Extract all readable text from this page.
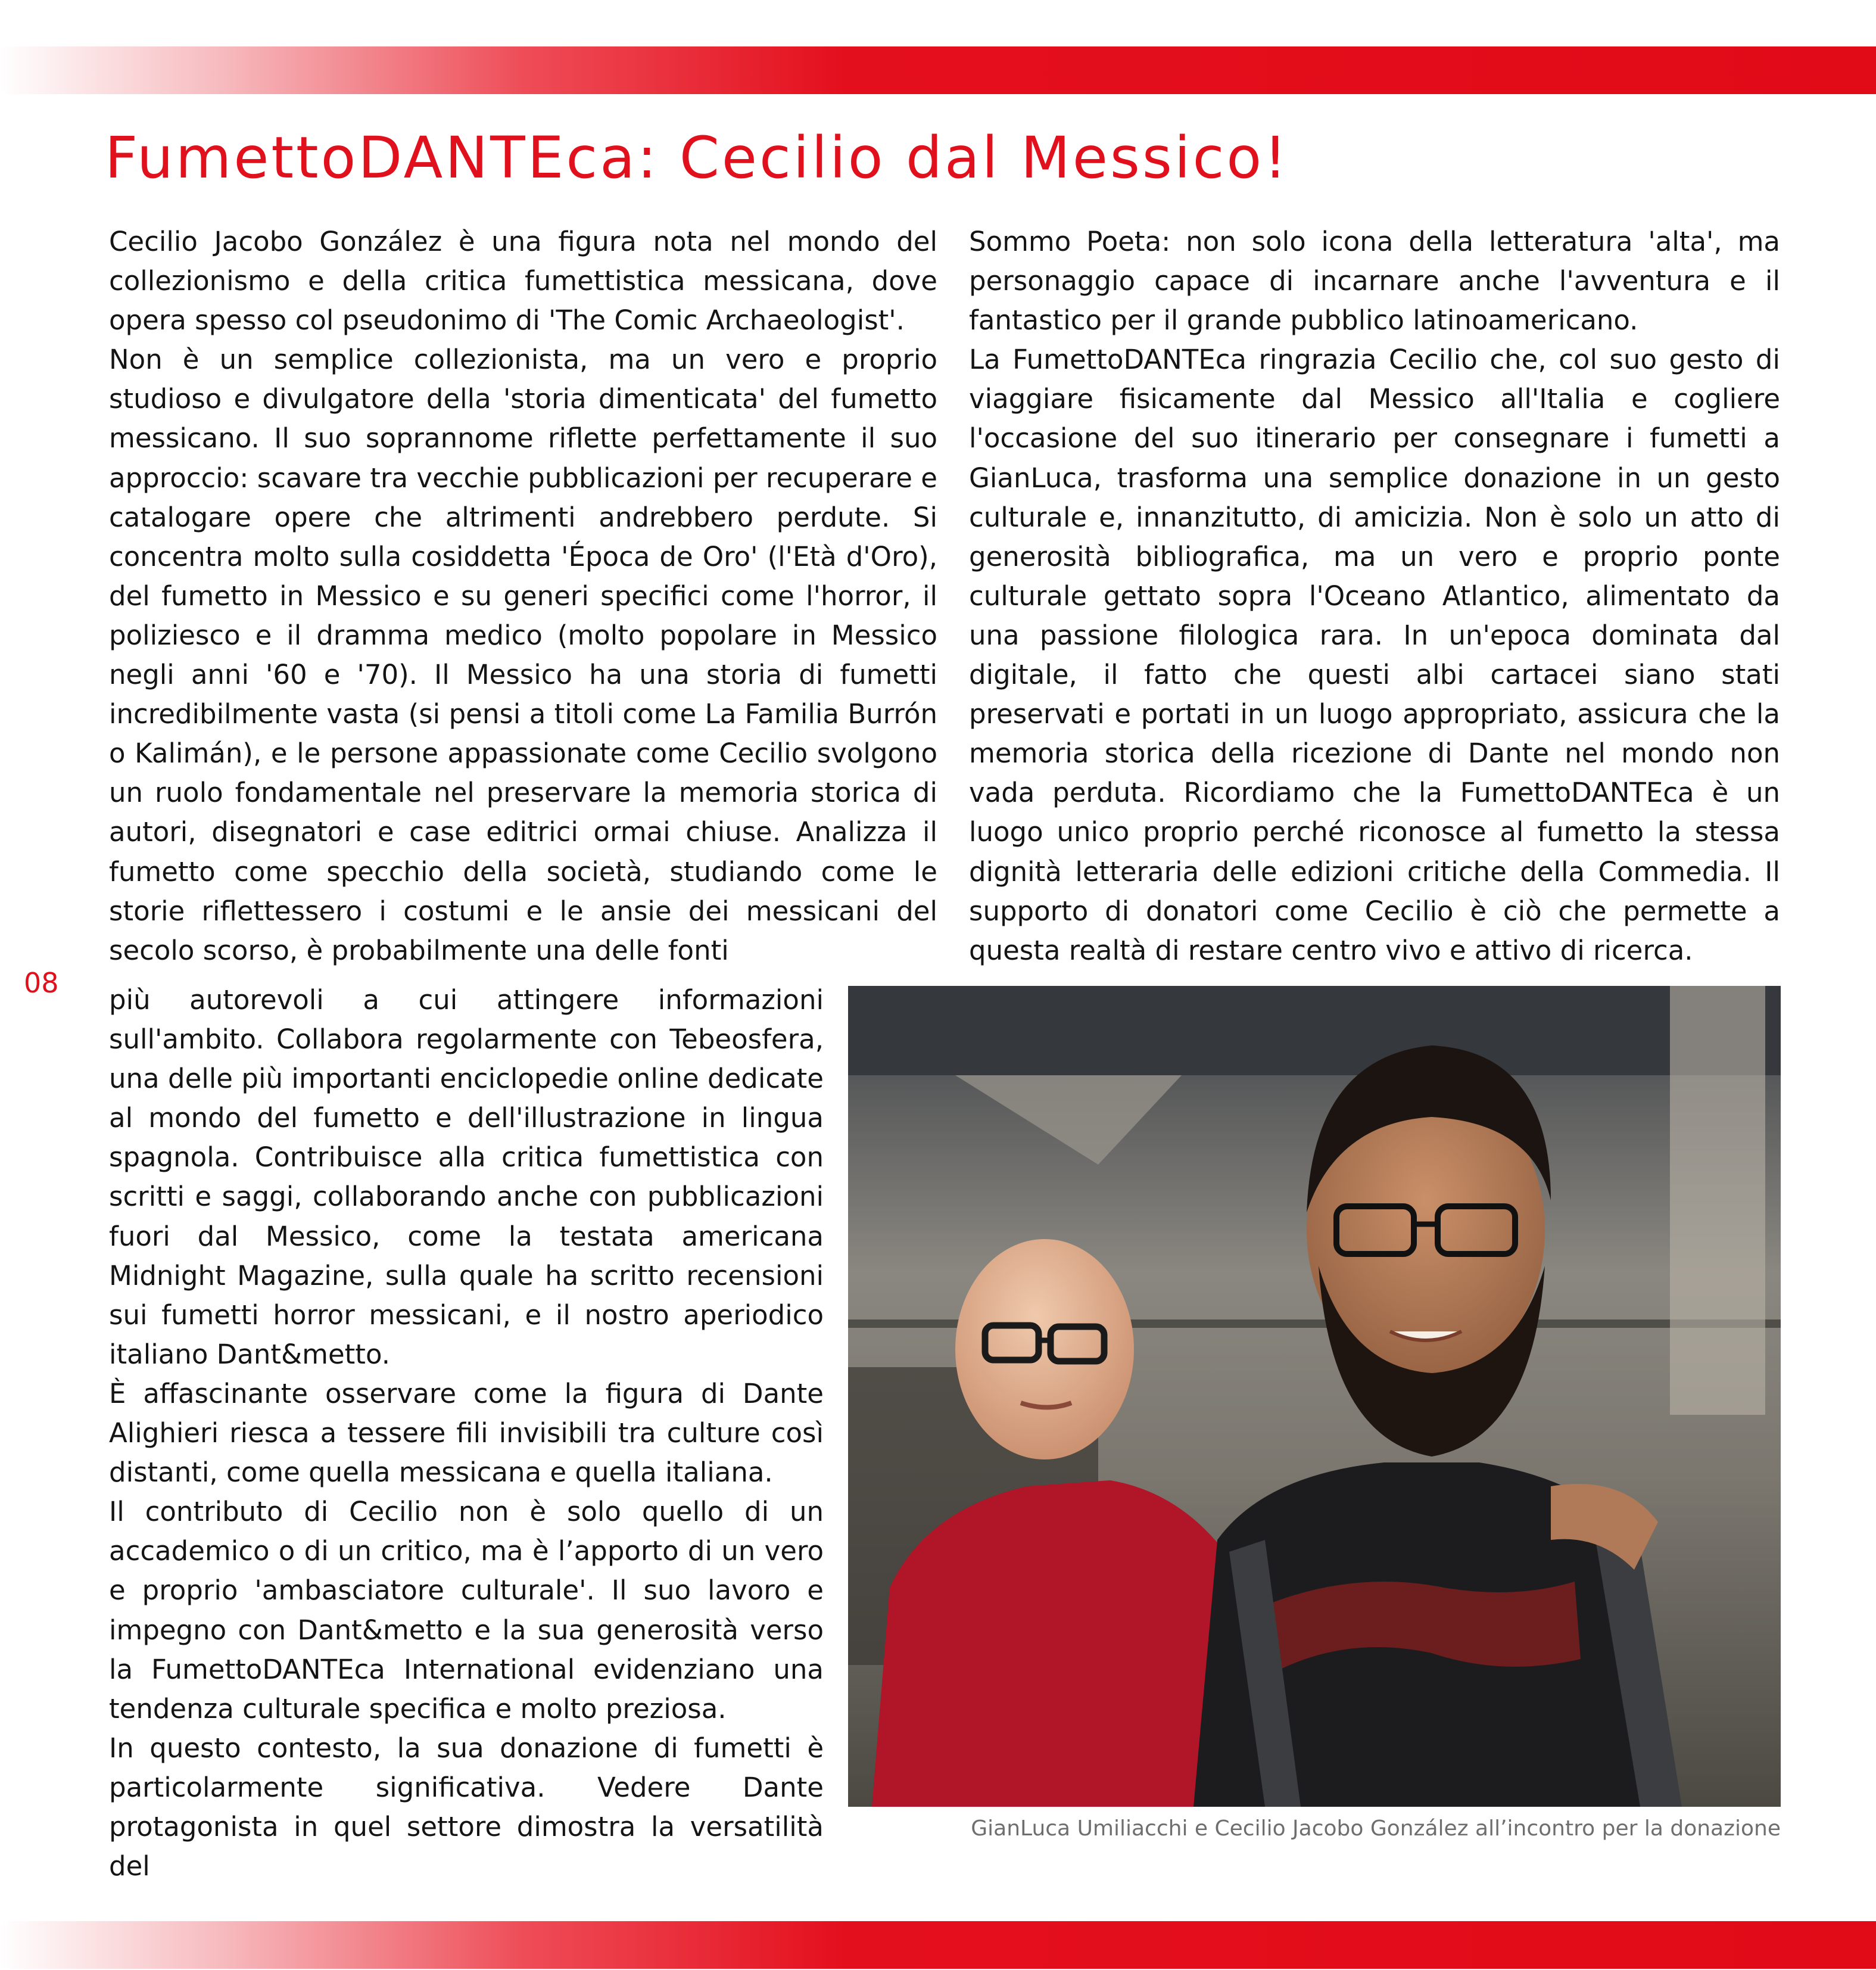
FumettoDANTEca: Cecilio dal Messico!
08

Cecilio Jacobo González è una figura nota nel mondo del collezionismo e della critica fumettistica messicana, dove opera spesso col pseudonimo di 'The Comic Archaeologist'.

Non è un semplice collezionista, ma un vero e proprio studioso e divulgatore della 'storia dimenticata' del fumetto messicano. Il suo soprannome riflette perfettamente il suo approccio: scavare tra vecchie pubblicazioni per recuperare e catalogare opere che altrimenti andrebbero perdute. Si concentra molto sulla cosiddetta 'Época de Oro' (l'Età d'Oro), del fumetto in Messico e su generi specifici come l'horror, il poliziesco e il dramma medico (molto popolare in Messico negli anni '60 e '70). Il Messico ha una storia di fumetti incredibilmente vasta (si pensi a titoli come La Familia Burrón o Kalimán), e le persone appassionate come Cecilio svolgono un ruolo fondamentale nel preservare la memoria storica di autori, disegnatori e case editrici ormai chiuse. Analizza il fumetto come specchio della società, studiando come le storie riflettessero i costumi e le ansie dei messicani del secolo scorso, è probabilmente una delle fonti

più autorevoli a cui attingere informazioni sull'ambito. Collabora regolarmente con Tebeosfera, una delle più importanti enciclopedie online dedicate al mondo del fumetto e dell'illustrazione in lingua spagnola. Contribuisce alla critica fumettistica con scritti e saggi, collaborando anche con pubblicazioni fuori dal Messico, come la testata americana Midnight Magazine, sulla quale ha scritto recensioni sui fumetti horror messicani, e il nostro aperiodico italiano Dant&metto.

È affascinante osservare come la figura di Dante Alighieri riesca a tessere fili invisibili tra culture così distanti, come quella messicana e quella italiana.

Il contributo di Cecilio non è solo quello di un accademico o di un critico, ma è l’apporto di un vero e proprio 'ambasciatore culturale'. Il suo lavoro e impegno con Dant&metto e la sua generosità verso la FumettoDANTEca International evidenziano una tendenza culturale specifica e molto preziosa.

In questo contesto, la sua donazione di fumetti è particolarmente significativa. Vedere Dante protagonista in quel settore dimostra la versatilità del

Sommo Poeta: non solo icona della letteratura 'alta', ma personaggio capace di incarnare anche l'avventura e il fantastico per il grande pubblico latinoamericano.

La FumettoDANTEca ringrazia Cecilio che, col suo gesto di viaggiare fisicamente dal Messico all'Italia e cogliere l'occasione del suo itinerario per consegnare i fumetti a GianLuca, trasforma una semplice donazione in un gesto culturale e, innanzitutto, di amicizia. Non è solo un atto di generosità bibliografica, ma un vero e proprio ponte culturale gettato sopra l'Oceano Atlantico, alimentato da una passione filologica rara. In un'epoca dominata dal digitale, il fatto che questi albi cartacei siano stati preservati e portati in un luogo appropriato, assicura che la memoria storica della ricezione di Dante nel mondo non vada perduta. Ricordiamo che la FumettoDANTEca è un luogo unico proprio perché riconosce al fumetto la stessa dignità letteraria delle edizioni critiche della Commedia. Il supporto di donatori come Cecilio è ciò che permette a questa realtà di restare centro vivo e attivo di ricerca.

GianLuca Umiliacchi e Cecilio Jacobo González all’incontro per la donazione
